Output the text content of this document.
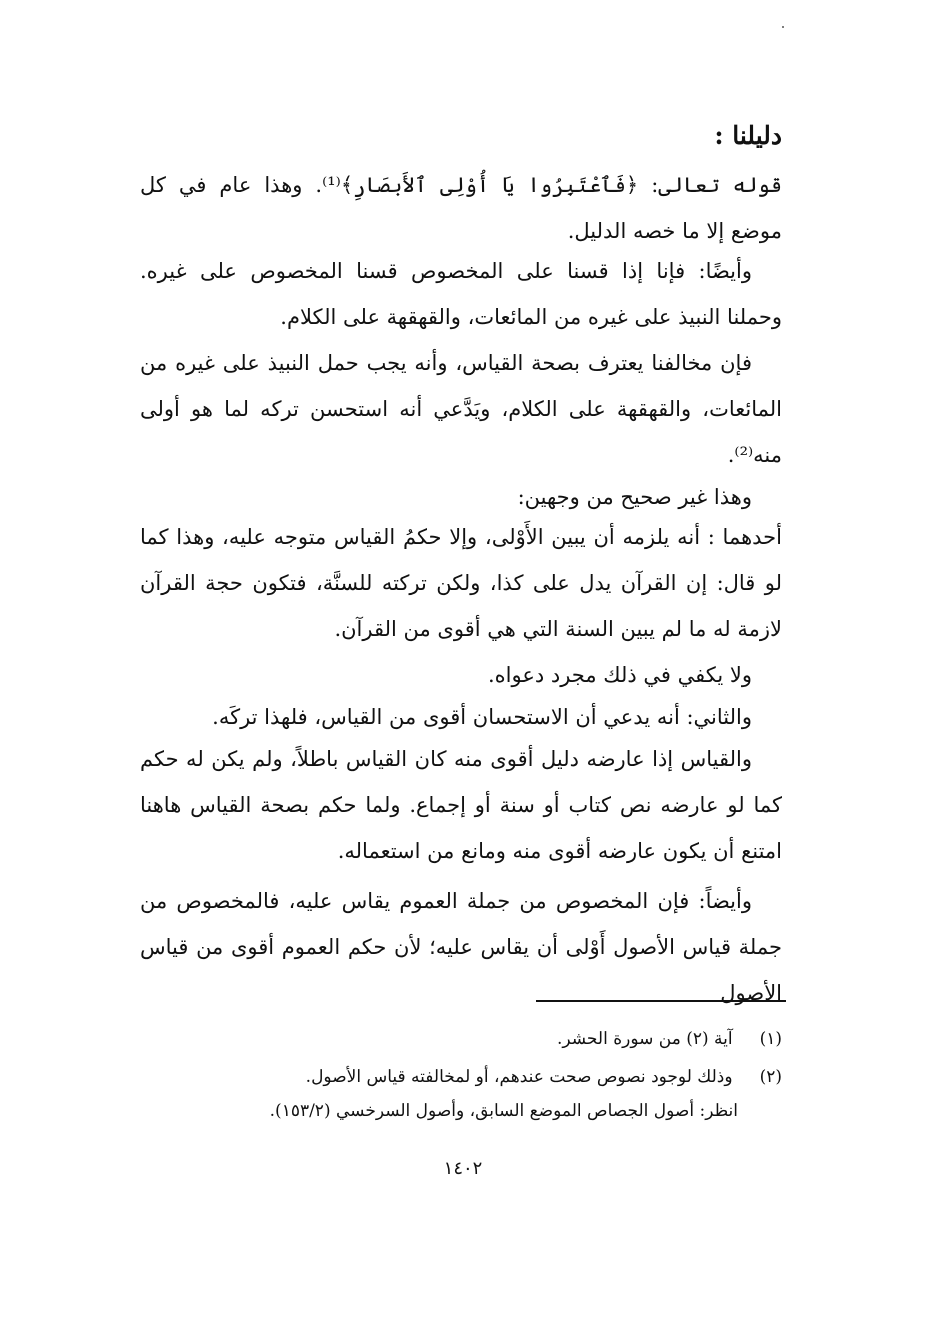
دليلنا :

قوله تعالى: ﴿فَٱعْتَبِرُوا يَا أُوْلِى ٱلأَبصَارِ﴾⁽¹⁾. وهذا عام في كل موضع إلا ما خصه الدليل.

وأيضًا: فإنا إذا قسنا على المخصوص قسنا المخصوص على غيره. وحملنا النبيذ على غيره من المائعات، والقهقهة على الكلام.

فإن مخالفنا يعترف بصحة القياس، وأنه يجب حمل النبيذ على غيره من المائعات، والقهقهة على الكلام، ويَدَّعي أنه استحسن تركه لما هو أولى منه⁽²⁾.

وهذا غير صحيح من وجهين:

أحدهما : أنه يلزمه أن يبين الأَوْلى، وإلا حكمُ القياس متوجه عليه، وهذا كما لو قال: إن القرآن يدل على كذا، ولكن تركته للسنَّة، فتكون حجة القرآن لازمة له ما لم يبين السنة التي هي أقوى من القرآن.

ولا يكفي في ذلك مجرد دعواه.

والثاني: أنه يدعي أن الاستحسان أقوى من القياس، فلهذا تركَه.

والقياس إذا عارضه دليل أقوى منه كان القياس باطلاً، ولم يكن له حكم كما لو عارضه نص كتاب أو سنة أو إجماع. ولما حكم بصحة القياس هاهنا امتنع أن يكون عارضه أقوى منه ومانع من استعماله.

وأيضاً: فإن المخصوص من جملة العموم يقاس عليه، فالمخصوص من جملة قياس الأصول أَوْلى أن يقاس عليه؛ لأن حكم العموم أقوى من قياس الأصول

(١) آية (٢) من سورة الحشر.
(٢) وذلك لوجود نصوص صحت عندهم، أو لمخالفته قياس الأصول.
انظر: أصول الجصاص الموضع السابق، وأصول السرخسي (١٥٣/٢).
١٤٠٢
